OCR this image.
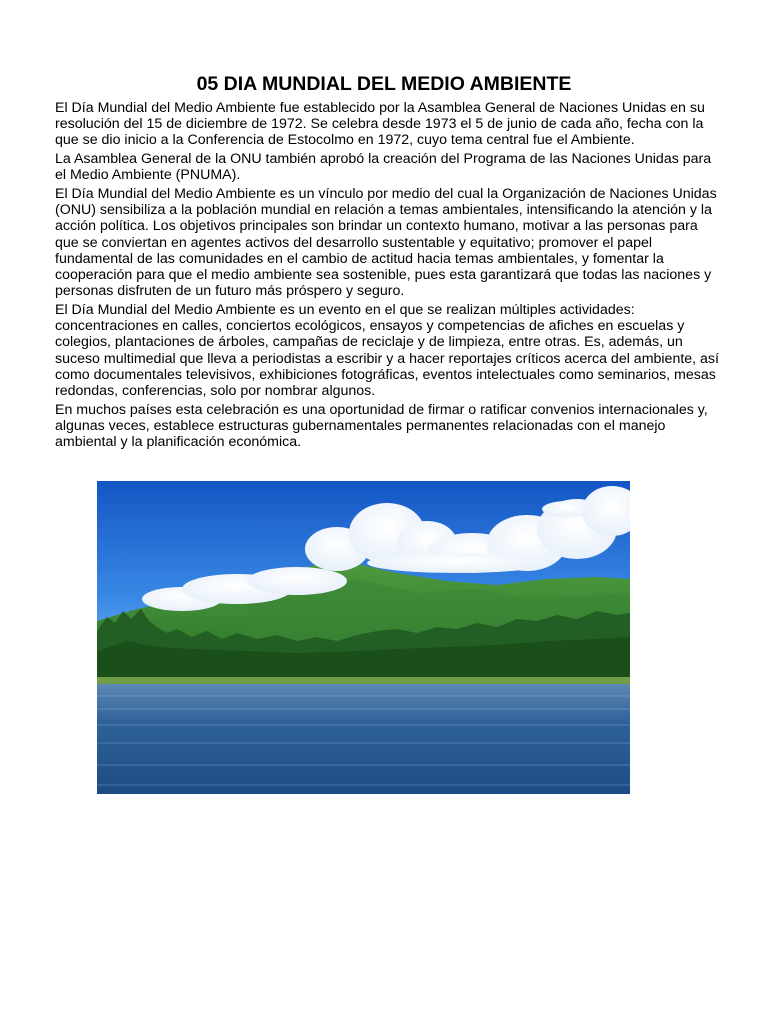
05 DIA MUNDIAL DEL MEDIO AMBIENTE

El Día Mundial del Medio Ambiente fue establecido por la Asamblea General de Naciones Unidas en su resolución del 15 de diciembre de 1972. Se celebra desde 1973 el 5 de junio de cada año, fecha con la que se dio inicio a la Conferencia de Estocolmo en 1972, cuyo tema central fue el Ambiente.

La Asamblea General de la ONU también aprobó la creación del Programa de las Naciones Unidas para el Medio Ambiente (PNUMA).

El Día Mundial del Medio Ambiente es un vínculo por medio del cual la Organización de Naciones Unidas (ONU) sensibiliza a la población mundial en relación a temas ambientales, intensificando la atención y la acción política. Los objetivos principales son brindar un contexto humano, motivar a las personas para que se conviertan en agentes activos del desarrollo sustentable y equitativo; promover el papel fundamental de las comunidades en el cambio de actitud hacia temas ambientales, y fomentar la cooperación para que el medio ambiente sea sostenible, pues esta garantizará que todas las naciones y personas disfruten de un futuro más próspero y seguro.

El Día Mundial del Medio Ambiente es un evento en el que se realizan múltiples actividades: concentraciones en calles, conciertos ecológicos, ensayos y competencias de afiches en escuelas y colegios, plantaciones de árboles, campañas de reciclaje y de limpieza, entre otras. Es, además, un suceso multimedial que lleva a periodistas a escribir y a hacer reportajes críticos acerca del ambiente, así como documentales televisivos, exhibiciones fotográficas, eventos intelectuales como seminarios, mesas redondas, conferencias, solo por nombrar algunos.

En muchos países esta celebración es una oportunidad de firmar o ratificar convenios internacionales y, algunas veces, establece estructuras gubernamentales permanentes relacionadas con el manejo ambiental y la planificación económica.
